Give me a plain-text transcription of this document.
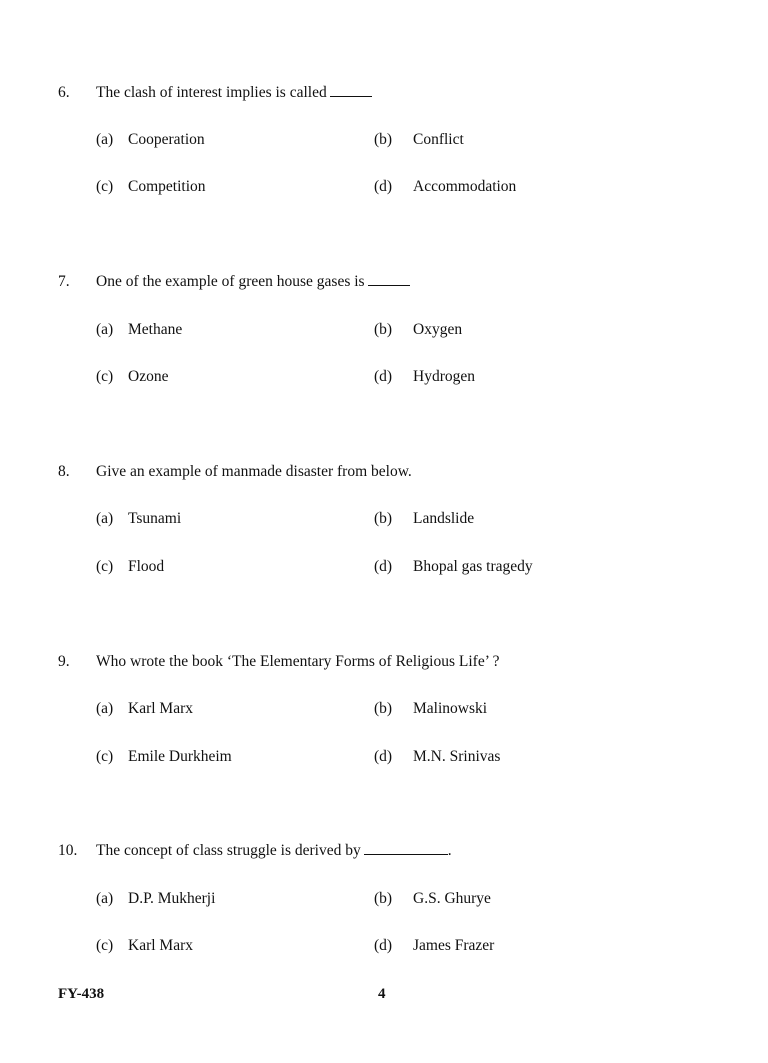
6. The clash of interest implies is called
(a) Cooperation	(b) Conflict
(c) Competition	(d) Accommodation
7. One of the example of green house gases is
(a) Methane	(b) Oxygen
(c) Ozone	(d) Hydrogen
8. Give an example of manmade disaster from below.
(a) Tsunami	(b) Landslide
(c) Flood	(d) Bhopal gas tragedy
9. Who wrote the book ‘The Elementary Forms of Religious Life’ ?
(a) Karl Marx	(b) Malinowski
(c) Emile Durkheim	(d) M.N. Srinivas
10. The concept of class struggle is derived by	.
(a) D.P. Mukherji	(b) G.S. Ghurye
(c) Karl Marx	(d) James Frazer
FY-438	4
